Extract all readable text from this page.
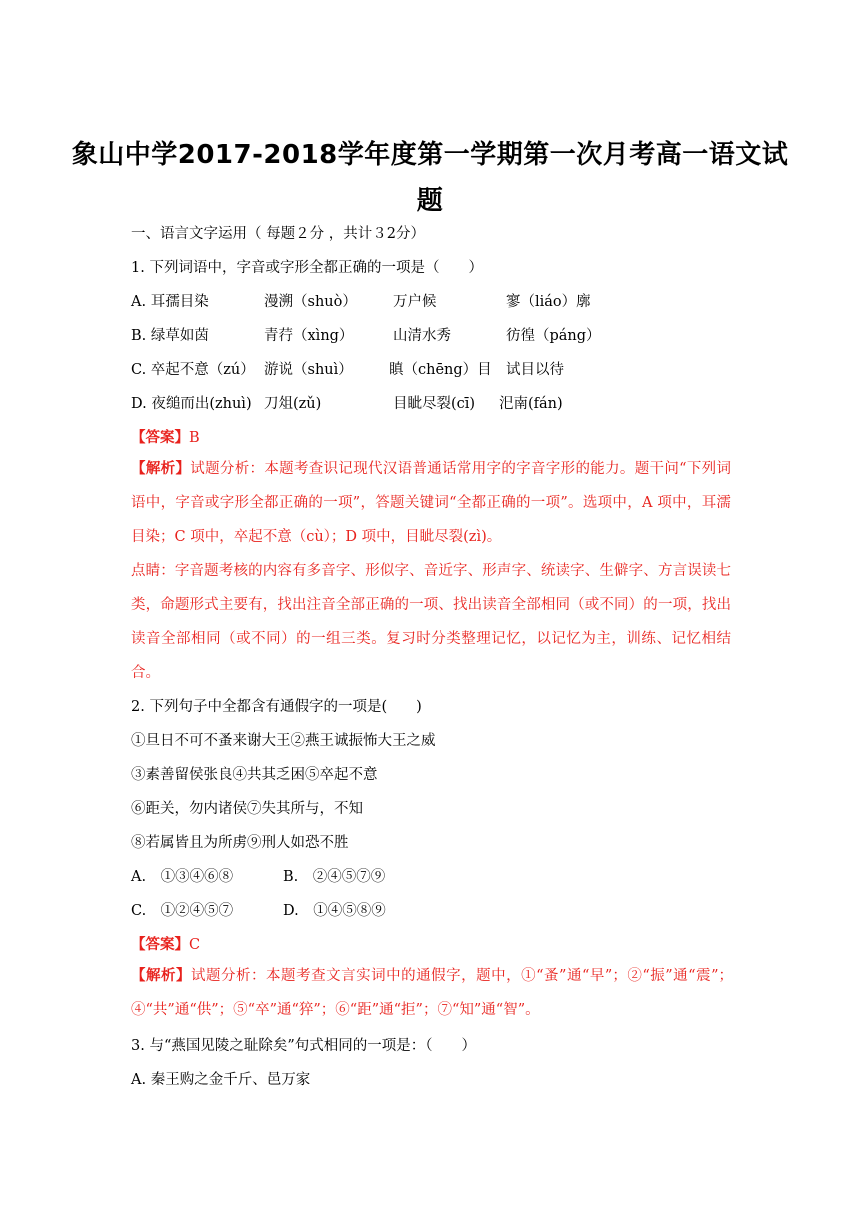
象山中学2017-2018学年度第一学期第一次月考高一语文试
题
一、语言文字运用（ 每题２分 ，共计３2分）
1. 下列词语中，字音或字形全都正确的一项是（　　）
A. 耳孺目染	漫溯（shuò） 万户候	寥（liáo）廓
B. 绿草如茵	青荇（xìng）	山清水秀	彷徨（páng）
C. 卒起不意（zú） 游说（shuì） 瞋（chēng）目 试目以待
D. 夜缒而出(zhuì) 刀俎(zǔ)	目眦尽裂(cī) 汜南(fán)
【答案】B
【解析】试题分析：本题考查识记现代汉语普通话常用字的字音字形的能力。题干问“下列词语中，字音或字形全都正确的一项”，答题关键词“全都正确的一项”。选项中，A 项中，耳濡目染；C 项中，卒起不意（cù）；D 项中，目眦尽裂(zì)。
点睛：字音题考核的内容有多音字、形似字、音近字、形声字、统读字、生僻字、方言误读七类，命题形式主要有，找出注音全部正确的一项、找出读音全部相同（或不同）的一项，找出读音全部相同（或不同）的一组三类。复习时分类整理记忆，以记忆为主，训练、记忆相结合。
2. 下列句子中全都含有通假字的一项是(　　)
①旦日不可不蚤来谢大王②燕王诚振怖大王之威
③素善留侯张良④共其乏困⑤卒起不意
⑥距关，勿内诸侯⑦失其所与，不知
⑧若属皆且为所虏⑨刑人如恐不胜
A.　①③④⑥⑧	B.　②④⑤⑦⑨
C.　①②④⑤⑦	D.　①④⑤⑧⑨
【答案】C
【解析】试题分析：本题考查文言实词中的通假字，题中，①“蚤”通“早”；②“振”通“震”；④“共”通“供”；⑤“卒”通“猝”；⑥“距”通“拒”；⑦“知”通“智”。
3. 与“燕国见陵之耻除矣”句式相同的一项是：（　　）
A. 秦王购之金千斤、邑万家
